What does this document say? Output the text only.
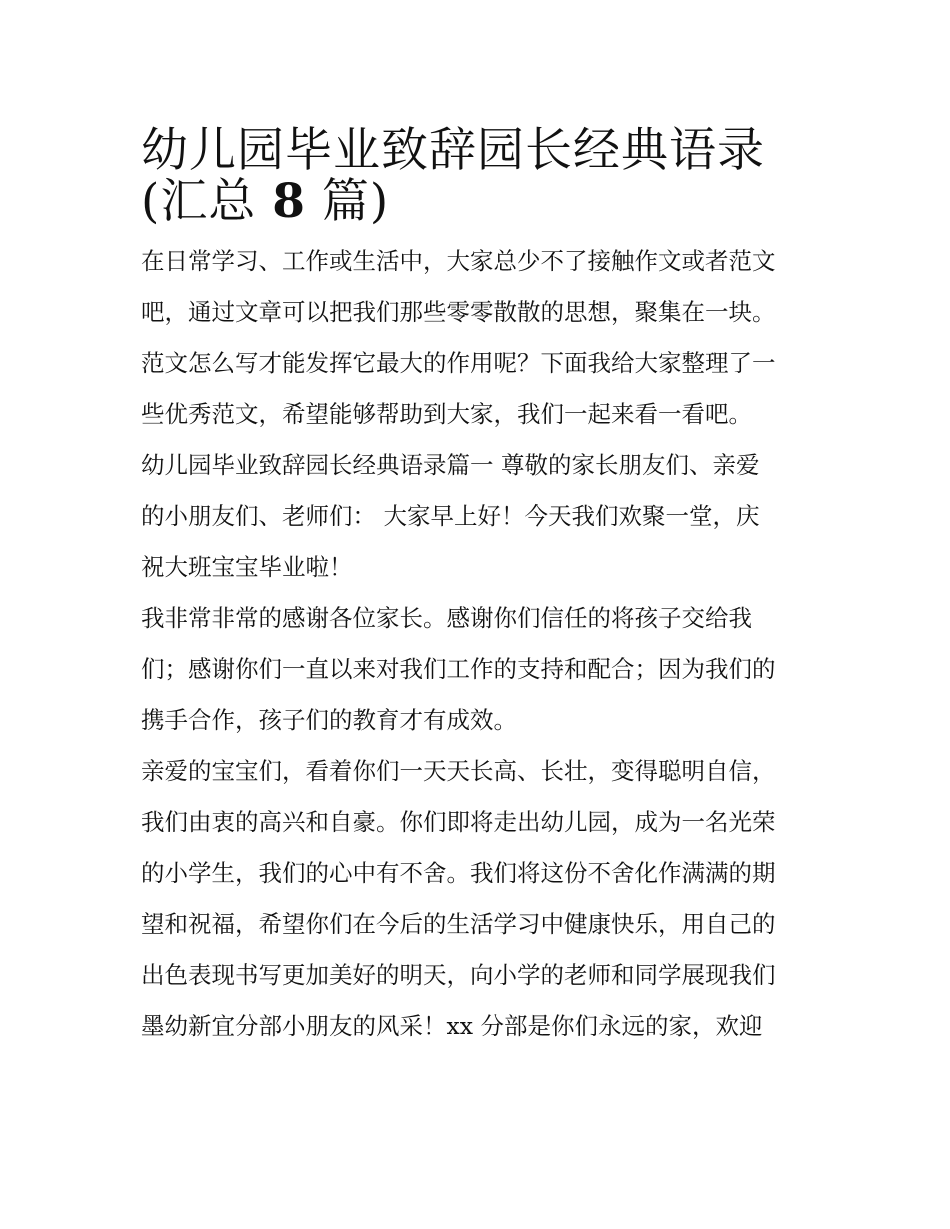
幼儿园毕业致辞园长经典语录
(汇总 8 篇)

在日常学习、工作或生活中，大家总少不了接触作文或者范文
吧，通过文章可以把我们那些零零散散的思想，聚集在一块。
范文怎么写才能发挥它最大的作用呢？下面我给大家整理了一
些优秀范文，希望能够帮助到大家，我们一起来看一看吧。

幼儿园毕业致辞园长经典语录篇一 尊敬的家长朋友们、亲爱
的小朋友们、老师们： 大家早上好！今天我们欢聚一堂，庆
祝大班宝宝毕业啦！

我非常非常的感谢各位家长。感谢你们信任的将孩子交给我
们；感谢你们一直以来对我们工作的支持和配合；因为我们的
携手合作，孩子们的教育才有成效。

亲爱的宝宝们，看着你们一天天长高、长壮，变得聪明自信，
我们由衷的高兴和自豪。你们即将走出幼儿园，成为一名光荣
的小学生，我们的心中有不舍。我们将这份不舍化作满满的期
望和祝福，希望你们在今后的生活学习中健康快乐，用自己的
出色表现书写更加美好的明天，向小学的老师和同学展现我们
墨幼新宜分部小朋友的风采！xx 分部是你们永远的家，欢迎
